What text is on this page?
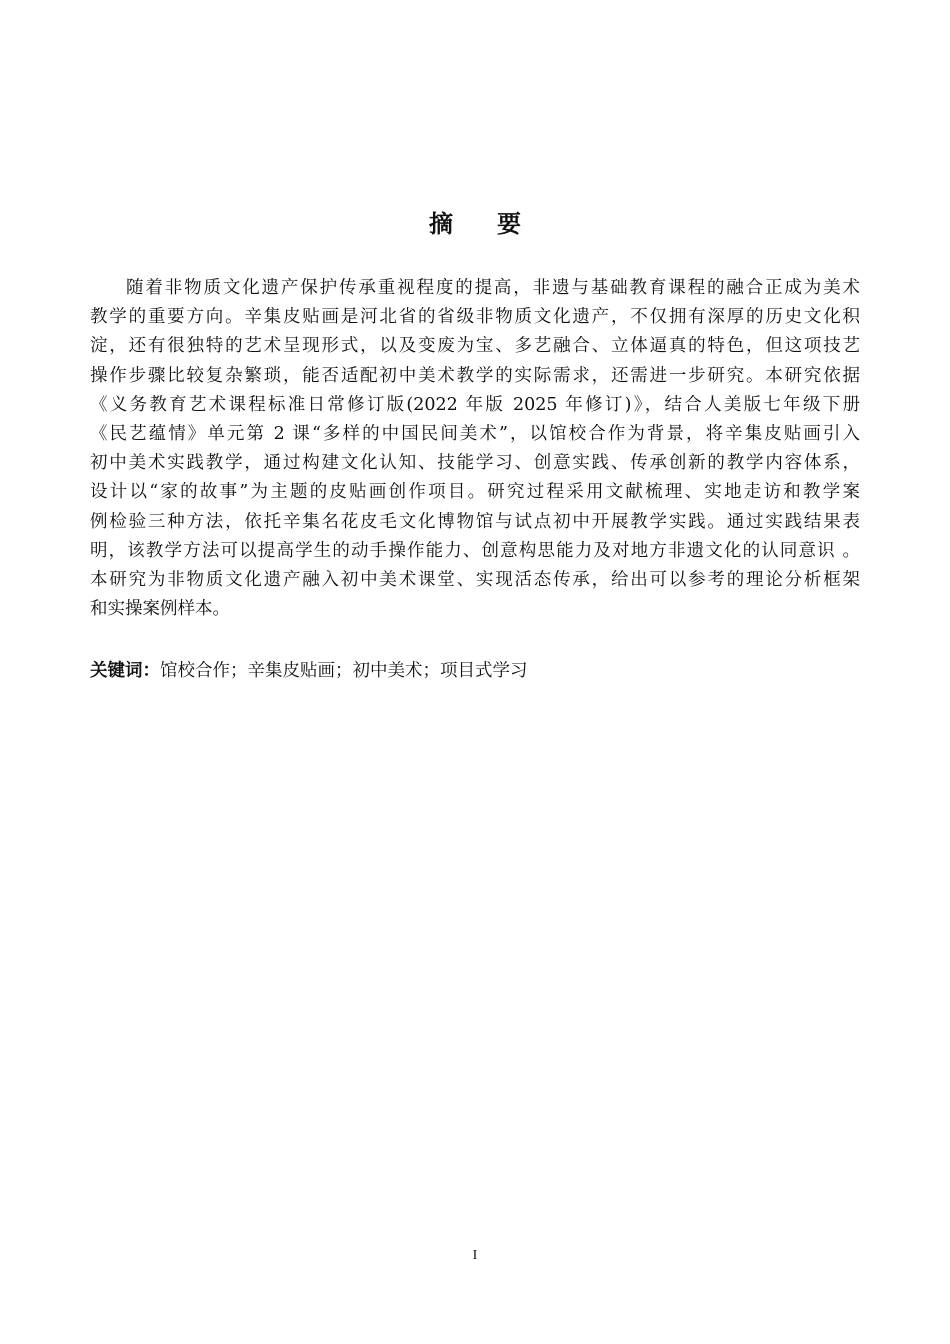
摘 要
随着非物质文化遗产保护传承重视程度的提高，非遗与基础教育课程的融合正成为美术
教学的重要方向。辛集皮贴画是河北省的省级非物质文化遗产，不仅拥有深厚的历史文化积
淀，还有很独特的艺术呈现形式，以及变废为宝、多艺融合、立体逼真的特色，但这项技艺
操作步骤比较复杂繁琐，能否适配初中美术教学的实际需求，还需进一步研究。本研究依据
《义务教育艺术课程标准日常修订版(2022 年版 2025 年修订)》，结合人美版七年级下册
《民艺蕴情》单元第 2 课“多样的中国民间美术”，以馆校合作为背景，将辛集皮贴画引入
初中美术实践教学，通过构建文化认知、技能学习、创意实践、传承创新的教学内容体系，
设计以“家的故事”为主题的皮贴画创作项目。研究过程采用文献梳理、实地走访和教学案
例检验三种方法，依托辛集名花皮毛文化博物馆与试点初中开展教学实践。通过实践结果表
明，该教学方法可以提高学生的动手操作能力、创意构思能力及对地方非遗文化的认同意识 。
本研究为非物质文化遗产融入初中美术课堂、实现活态传承，给出可以参考的理论分析框架
和实操案例样本。
关键词：馆校合作；辛集皮贴画；初中美术；项目式学习
I
